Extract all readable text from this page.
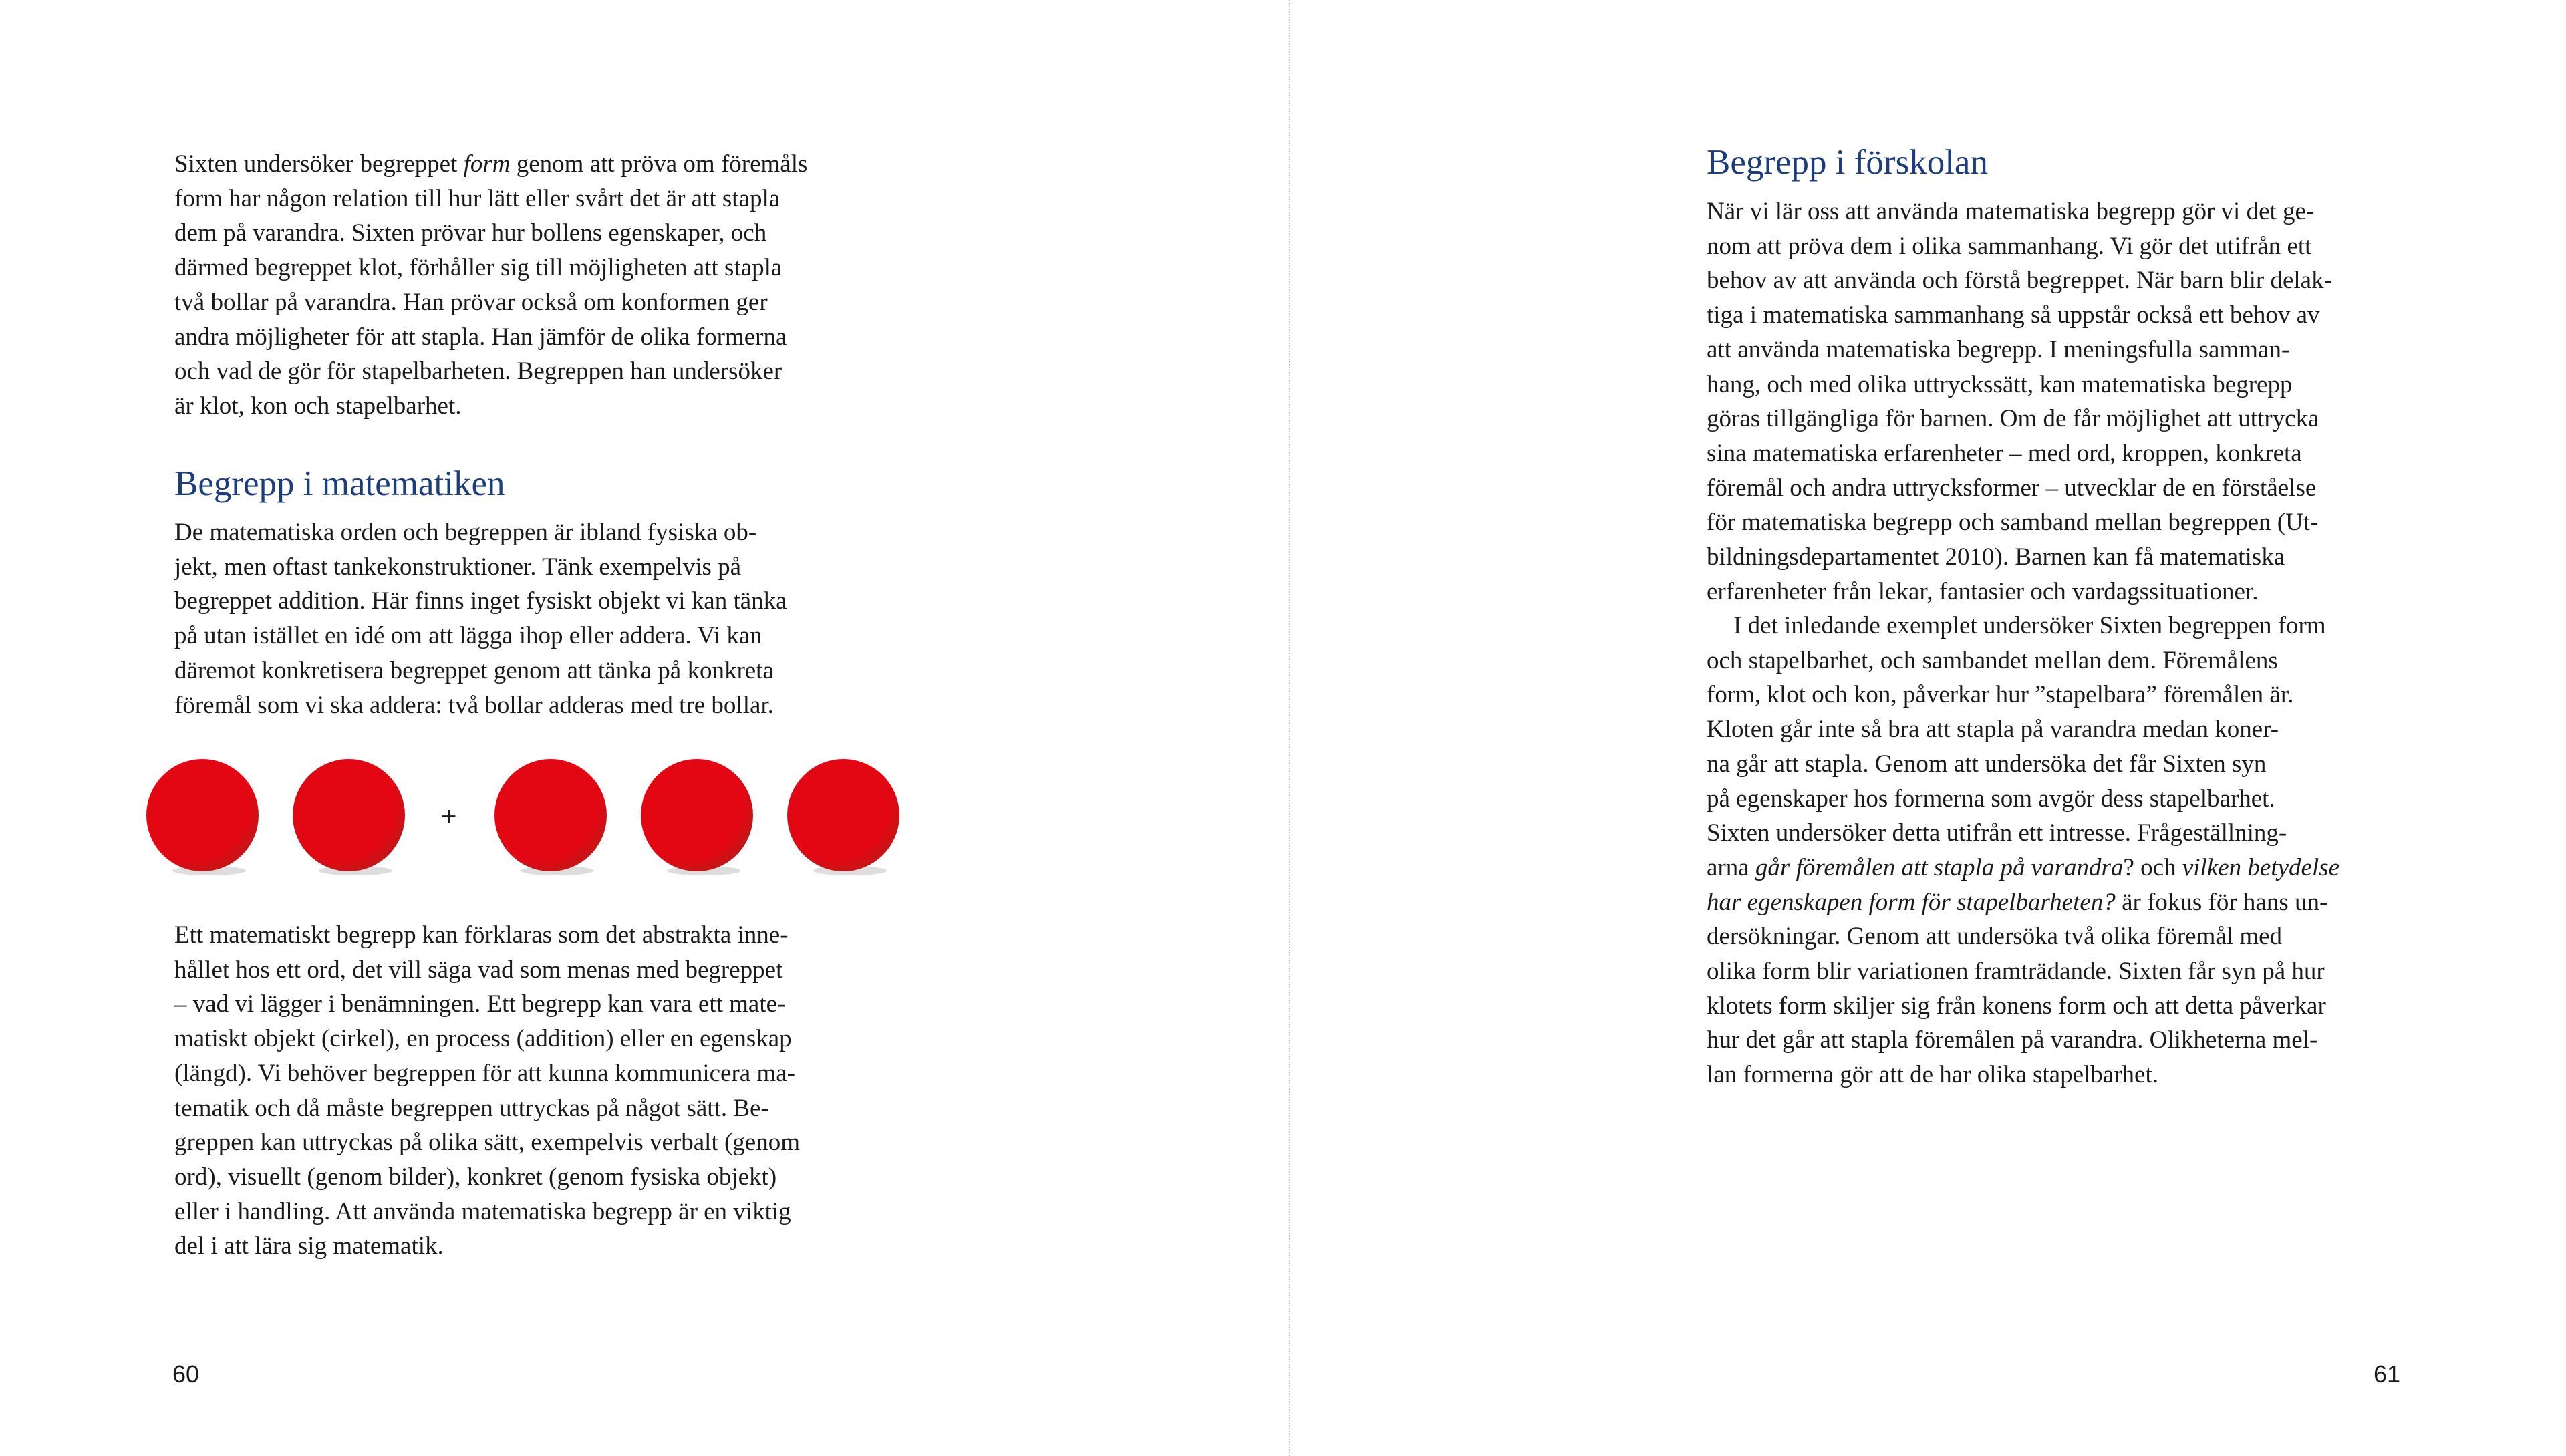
Sixten undersöker begreppet form genom att pröva om föremåls
form har någon relation till hur lätt eller svårt det är att stapla
dem på varandra. Sixten prövar hur bollens egenskaper, och
därmed begreppet klot, förhåller sig till möjligheten att stapla
två bollar på varandra. Han prövar också om konformen ger
andra möjligheter för att stapla. Han jämför de olika formerna
och vad de gör för stapelbarheten. Begreppen han undersöker
är klot, kon och stapelbarhet.
Begrepp i matematiken
De matematiska orden och begreppen är ibland fysiska ob-
jekt, men oftast tankekonstruktioner. Tänk exempelvis på
begreppet addition. Här finns inget fysiskt objekt vi kan tänka
på utan istället en idé om att lägga ihop eller addera. Vi kan
däremot konkretisera begreppet genom att tänka på konkreta
föremål som vi ska addera: två bollar adderas med tre bollar.
+
Ett matematiskt begrepp kan förklaras som det abstrakta inne-
hållet hos ett ord, det vill säga vad som menas med begreppet
– vad vi lägger i benämningen. Ett begrepp kan vara ett mate-
matiskt objekt (cirkel), en process (addition) eller en egenskap
(längd). Vi behöver begreppen för att kunna kommunicera ma-
tematik och då måste begreppen uttryckas på något sätt. Be-
greppen kan uttryckas på olika sätt, exempelvis verbalt (genom
ord), visuellt (genom bilder), konkret (genom fysiska objekt)
eller i handling. Att använda matematiska begrepp är en viktig
del i att lära sig matematik.
60
Begrepp i förskolan
När vi lär oss att använda matematiska begrepp gör vi det ge-
nom att pröva dem i olika sammanhang. Vi gör det utifrån ett
behov av att använda och förstå begreppet. När barn blir delak-
tiga i matematiska sammanhang så uppstår också ett behov av
att använda matematiska begrepp. I meningsfulla samman-
hang, och med olika uttryckssätt, kan matematiska begrepp
göras tillgängliga för barnen. Om de får möjlighet att uttrycka
sina matematiska erfarenheter – med ord, kroppen, konkreta
föremål och andra uttrycksformer – utvecklar de en förståelse
för matematiska begrepp och samband mellan begreppen (Ut-
bildningsdepartamentet 2010). Barnen kan få matematiska
erfarenheter från lekar, fantasier och vardagssituationer.
I det inledande exemplet undersöker Sixten begreppen form
och stapelbarhet, och sambandet mellan dem. Föremålens
form, klot och kon, påverkar hur ”stapelbara” föremålen är.
Kloten går inte så bra att stapla på varandra medan koner-
na går att stapla. Genom att undersöka det får Sixten syn
på egenskaper hos formerna som avgör dess stapelbarhet.
Sixten undersöker detta utifrån ett intresse. Frågeställning-
arna går föremålen att stapla på varandra? och vilken betydelse
har egenskapen form för stapelbarheten? är fokus för hans un-
dersökningar. Genom att undersöka två olika föremål med
olika form blir variationen framträdande. Sixten får syn på hur
klotets form skiljer sig från konens form och att detta påverkar
hur det går att stapla föremålen på varandra. Olikheterna mel-
lan formerna gör att de har olika stapelbarhet.
61
